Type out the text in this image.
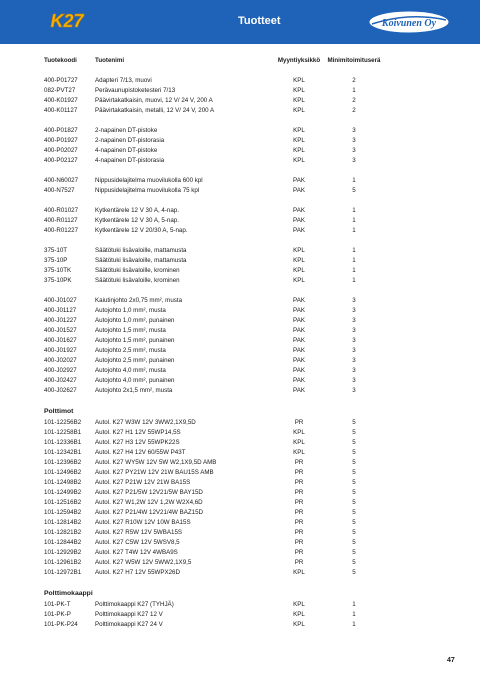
K27	Tuotteet	Koivunen Oy
Tuotekoodi	Tuotenimi	Myyntiyksikkö	Minimitoimituserä
400-P01727	Adapteri 7/13, muovi	KPL	2
082-PVT27	Perävaunupistoketesteri 7/13	KPL	1
400-K01927	Päävirtakatkaisin, muovi, 12 V/ 24 V, 200 A	KPL	2
400-K01127	Päävirtakatkaisin, metalli, 12 V/ 24 V, 200 A	KPL	2
400-P01827	2-napainen DT-pistoke	KPL	3
400-P01927	2-napainen DT-pistorasia	KPL	3
400-P02027	4-napainen DT-pistoke	KPL	3
400-P02127	4-napainen DT-pistorasia	KPL	3
400-N60027	Nippusidelajitelma muovilukolla 600 kpl	PAK	1
400-N7527	Nippusidelajitelma muovilukolla 75 kpl	PAK	5
400-R01027	Kytkentärele 12 V 30 A, 4-nap.	PAK	1
400-R01127	Kytkentärele 12 V 30 A, 5-nap.	PAK	1
400-R01227	Kytkentärele 12 V 20/30 A, 5-nap.	PAK	1
375-10T	Säätötuki lisävaloille, mattamusta	KPL	1
375-10P	Säätötuki lisävaloille, mattamusta	KPL	1
375-10TK	Säätötuki lisävaloille, krominen	KPL	1
375-10PK	Säätötuki lisävaloille, krominen	KPL	1
400-J01027	Kaiutinjohto 2x0,75 mm², musta	PAK	3
400-J01127	Autojohto 1,0 mm², musta	PAK	3
400-J01227	Autojohto 1,0 mm², punainen	PAK	3
400-J01527	Autojohto 1,5 mm², musta	PAK	3
400-J01627	Autojohto 1,5 mm², punainen	PAK	3
400-J01927	Autojohto 2,5 mm², musta	PAK	3
400-J02027	Autojohto 2,5 mm², punainen	PAK	3
400-J02927	Autojohto 4,0 mm², musta	PAK	3
400-J02427	Autojohto 4,0 mm², punainen	PAK	3
400-J02627	Autojohto 2x1,5 mm², musta	PAK	3
Polttimot
101-12256B2	Autol. K27 W3W 12V 3WW2,1X9,5D	PR	5
101-12258B1	Autol. K27 H1 12V 55WP14,5S	KPL	5
101-12336B1	Autol. K27 H3 12V 55WPK22S	KPL	5
101-12342B1	Autol. K27 H4 12V 60/55W P43T	KPL	5
101-12396B2	Autol. K27 WY5W 12V 5W W2,1X9,5D AMB	PR	5
101-12496B2	Autol. K27 PY21W 12V 21W BAU15S AMB	PR	5
101-12498B2	Autol. K27 P21W 12V 21W BA15S	PR	5
101-12499B2	Autol. K27 P21/5W 12V21/5W BAY15D	PR	5
101-12516B2	Autol. K27 W1,2W 12V 1,2W W2X4,6D	PR	5
101-12594B2	Autol. K27 P21/4W 12V21/4W BAZ15D	PR	5
101-12814B2	Autol. K27 R10W 12V 10W BA15S	PR	5
101-12821B2	Autol. K27 R5W 12V 5WBA15S	PR	5
101-12844B2	Autol. K27 C5W 12V 5WSV8,5	PR	5
101-12929B2	Autol. K27 T4W 12V 4WBA9S	PR	5
101-12961B2	Autol. K27 W5W 12V 5WW2,1X9,5	PR	5
101-12972B1	Autol. K27 H7 12V 55WPX26D	KPL	5
Polttimokaappi
101-PK-T	Polttimokaappi K27 (TYHJÄ)	KPL	1
101-PK-P	Polttimokaappi K27 12 V	KPL	1
101-PK-P24	Polttimokaappi K27 24 V	KPL	1
47
